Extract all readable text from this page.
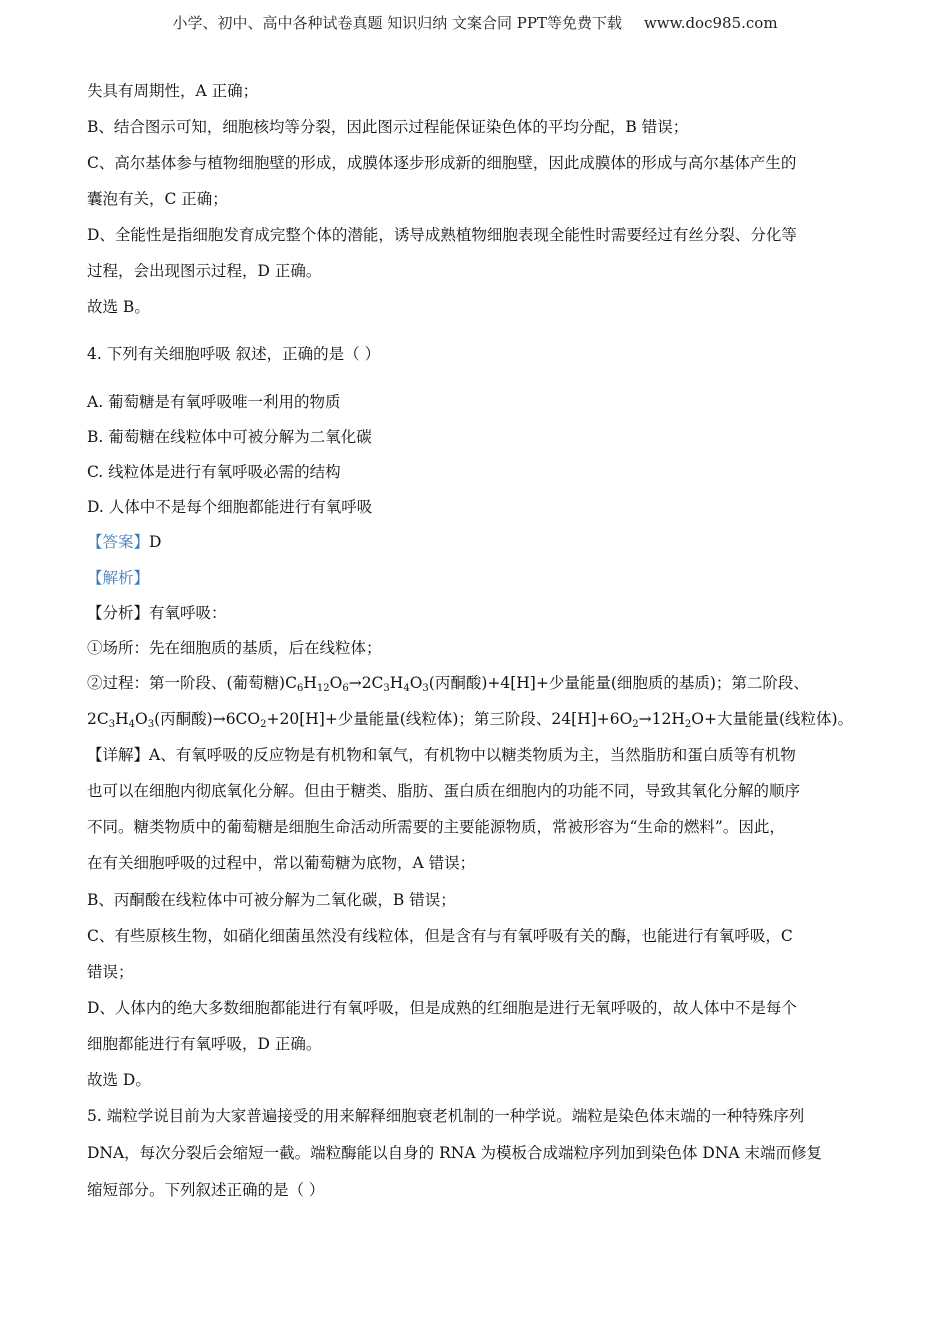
小学、初中、高中各种试卷真题 知识归纳 文案合同 PPT等免费下载 www.doc985.com
失具有周期性，A 正确；
B、结合图示可知，细胞核均等分裂，因此图示过程能保证染色体的平均分配，B 错误；
C、高尔基体参与植物细胞壁的形成，成膜体逐步形成新的细胞壁，因此成膜体的形成与高尔基体产生的
囊泡有关，C 正确；
D、全能性是指细胞发育成完整个体的潜能，诱导成熟植物细胞表现全能性时需要经过有丝分裂、分化等
过程，会出现图示过程，D 正确。
故选 B。
4. 下列有关细胞呼吸 叙述，正确的是（ ）
A. 葡萄糖是有氧呼吸唯一利用的物质
B. 葡萄糖在线粒体中可被分解为二氧化碳
C. 线粒体是进行有氧呼吸必需的结构
D. 人体中不是每个细胞都能进行有氧呼吸
【答案】D
【解析】
【分析】有氧呼吸：
①场所：先在细胞质的基质，后在线粒体；
②过程：第一阶段、(葡萄糖)$C_6H_{12}O_6\to 2C_3H_4O_3$(丙酮酸)+4[H]+少量能量(细胞质的基质)；第二阶段、
$2C_3H_4O_3$(丙酮酸)$\to 6CO_2+20[H]+$少量能量(线粒体)；第三阶段、$24[H]+6O_2\to 12H_2O+$大量能量(线粒体)。
【详解】A、有氧呼吸的反应物是有机物和氧气，有机物中以糖类物质为主，当然脂肪和蛋白质等有机物
也可以在细胞内彻底氧化分解。但由于糖类、脂肪、蛋白质在细胞内的功能不同，导致其氧化分解的顺序
不同。糖类物质中的葡萄糖是细胞生命活动所需要的主要能源物质，常被形容为“生命的燃料”。因此，
在有关细胞呼吸的过程中，常以葡萄糖为底物，A 错误；
B、丙酮酸在线粒体中可被分解为二氧化碳，B 错误；
C、有些原核生物，如硝化细菌虽然没有线粒体，但是含有与有氧呼吸有关的酶，也能进行有氧呼吸，C
错误；
D、人体内的绝大多数细胞都能进行有氧呼吸，但是成熟的红细胞是进行无氧呼吸的，故人体中不是每个
细胞都能进行有氧呼吸，D 正确。
故选 D。
5. 端粒学说目前为大家普遍接受的用来解释细胞衰老机制的一种学说。端粒是染色体末端的一种特殊序列
DNA，每次分裂后会缩短一截。端粒酶能以自身的 RNA 为模板合成端粒序列加到染色体 DNA 末端而修复
缩短部分。下列叙述正确的是（ ）
